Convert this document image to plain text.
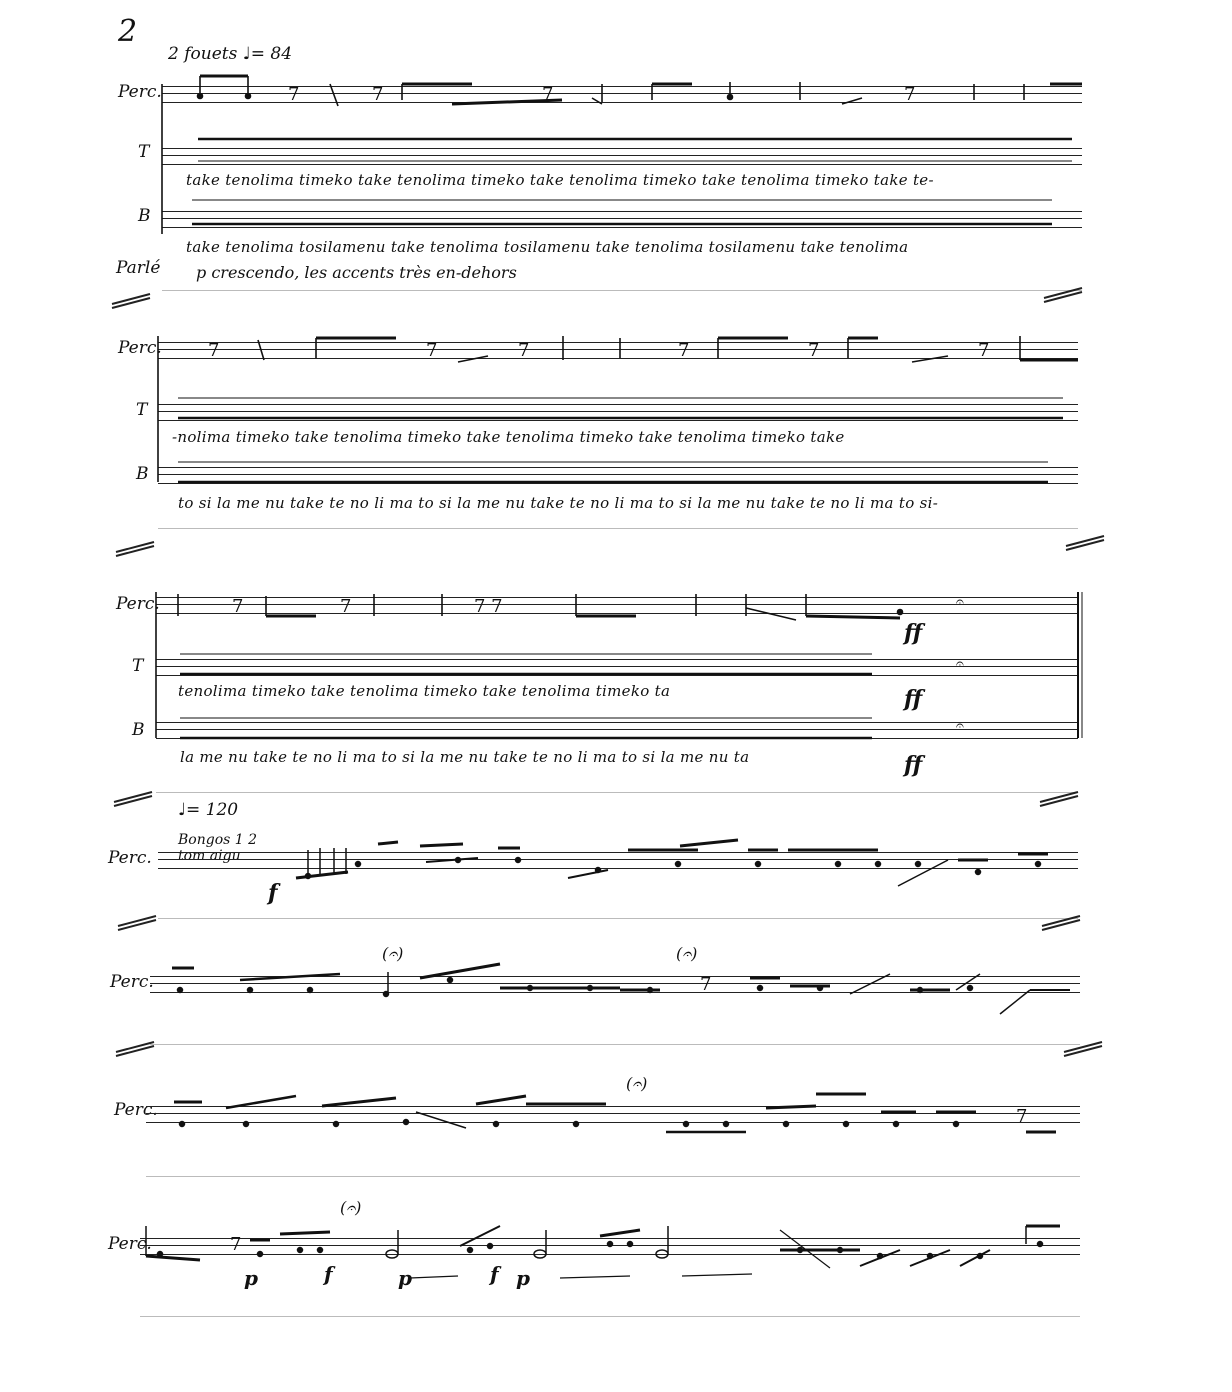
2
2 fouets ♩= 84
Perc.
T
B
Parlé
7	7	7	7
take tenolima timeko take tenolima timeko take tenolima timeko take tenolima timeko take te-
take tenolima tosilamenu take tenolima tosilamenu take tenolima tosilamenu take tenolima
p crescendo, les accents très en-dehors
Perc.
T
B
7	7	7	7	7	7
-nolima timeko take tenolima timeko take tenolima timeko take tenolima timeko take
to si la me nu take te no li ma to si la me nu take te no li ma to si la me nu take te no li ma to si-
Perc.
T
B
7	7	7 7	𝄐
𝄐
𝄐
ff
ff
ff
tenolima timeko take tenolima timeko take tenolima timeko ta
la me nu take te no li ma to si la me nu take te no li ma to si la me nu ta
♩= 120
Perc.
Bongos 1 2 tom aigu
f
Perc.
(𝄐)	(𝄐)
7
Perc.
(𝄐)
7
Perc.
(𝄐)
7
p	f	p	f p
